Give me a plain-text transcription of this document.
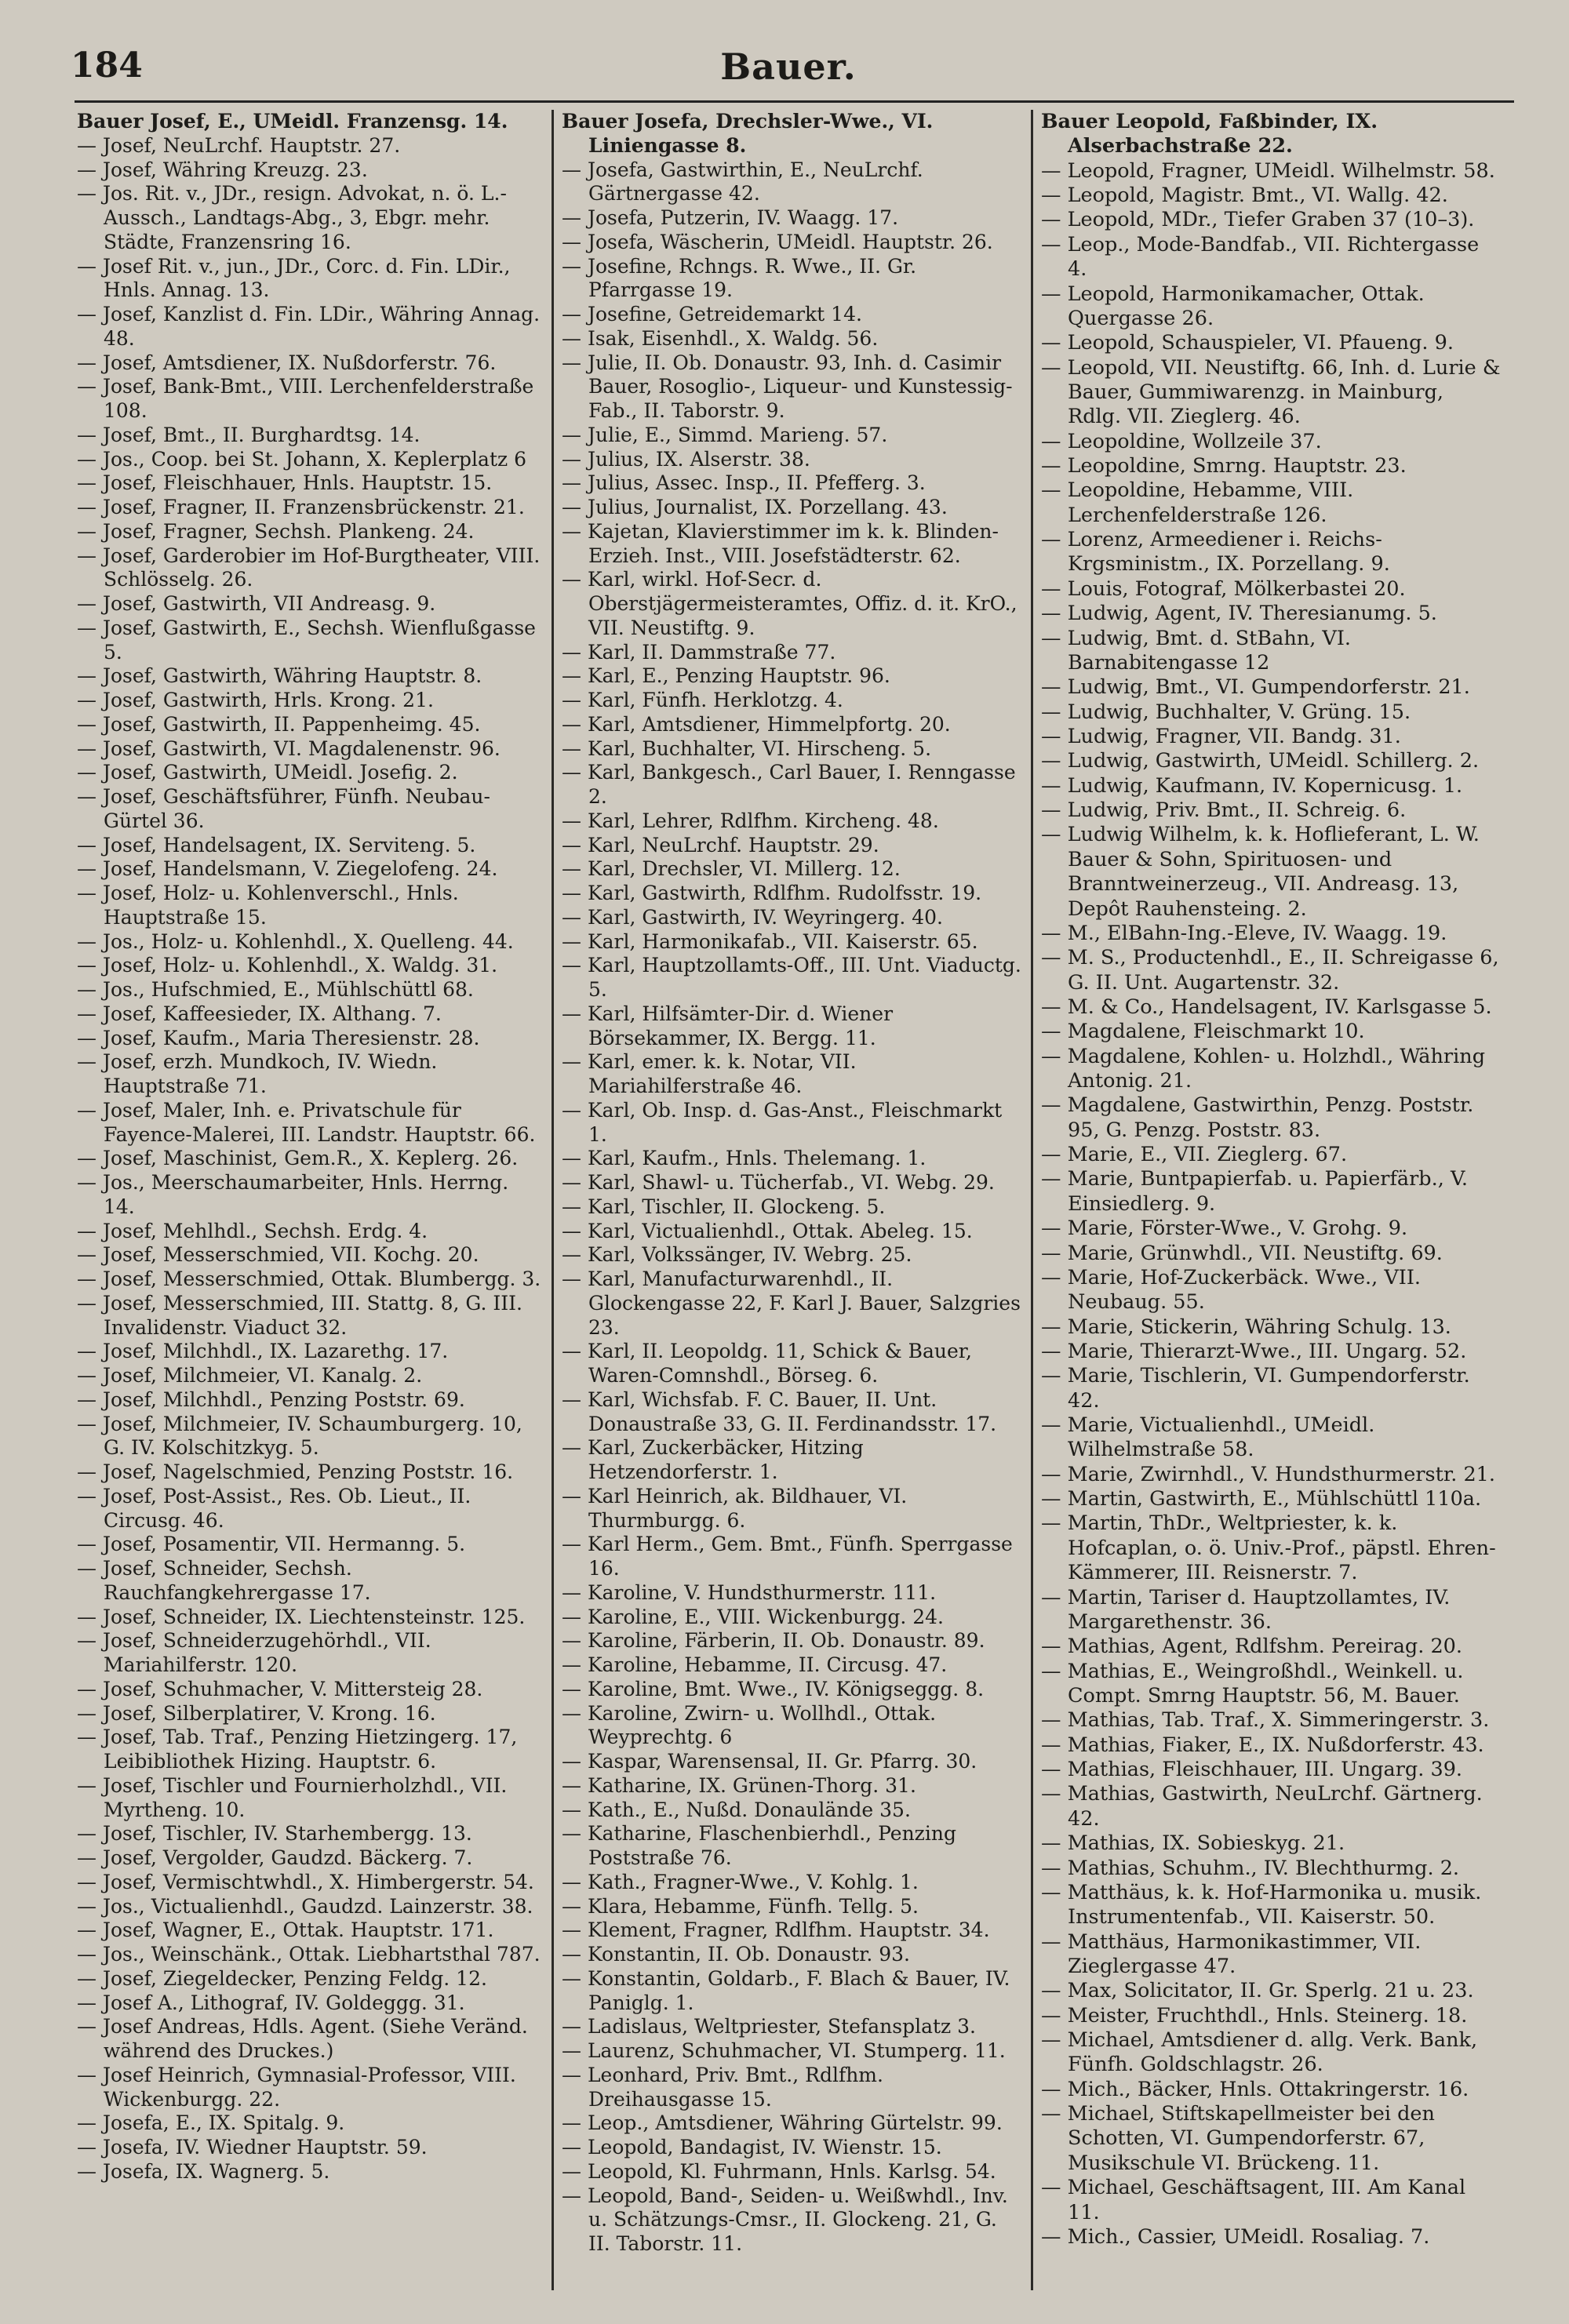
184	Bauer.
Bauer Josef, E., UMeidl. Franzensg. 14.
— Josef, NeuLrchf. Hauptstr. 27.
— Josef, Währing Kreuzg. 23.
— Jos. Rit. v., JDr., resign. Advokat, n. ö. L.-Aussch., Landtags-Abg., 3, Ebgr. mehr. Städte, Franzensring 16.
— Josef Rit. v., jun., JDr., Corc. d. Fin. LDir., Hnls. Annag. 13.
— Josef, Kanzlist d. Fin. LDir., Währing Annag. 48.
— Josef, Amtsdiener, IX. Nußdorferstr. 76.
— Josef, Bank-Bmt., VIII. Lerchenfelderstraße 108.
— Josef, Bmt., II. Burghardtsg. 14.
— Jos., Coop. bei St. Johann, X. Keplerplatz 6
— Josef, Fleischhauer, Hnls. Hauptstr. 15.
— Josef, Fragner, II. Franzensbrückenstr. 21.
— Josef, Fragner, Sechsh. Plankeng. 24.
— Josef, Garderobier im Hof-Burgtheater, VIII. Schlösselg. 26.
— Josef, Gastwirth, VII Andreasg. 9.
— Josef, Gastwirth, E., Sechsh. Wienflußgasse 5.
— Josef, Gastwirth, Währing Hauptstr. 8.
— Josef, Gastwirth, Hrls. Krong. 21.
— Josef, Gastwirth, II. Pappenheimg. 45.
— Josef, Gastwirth, VI. Magdalenenstr. 96.
— Josef, Gastwirth, UMeidl. Josefig. 2.
— Josef, Geschäftsführer, Fünfh. Neubau-Gürtel 36.
— Josef, Handelsagent, IX. Serviteng. 5.
— Josef, Handelsmann, V. Ziegelofeng. 24.
— Josef, Holz- u. Kohlenverschl., Hnls. Hauptstraße 15.
— Jos., Holz- u. Kohlenhdl., X. Quelleng. 44.
— Josef, Holz- u. Kohlenhdl., X. Waldg. 31.
— Jos., Hufschmied, E., Mühlschüttl 68.
— Josef, Kaffeesieder, IX. Althang. 7.
— Josef, Kaufm., Maria Theresienstr. 28.
— Josef, erzh. Mundkoch, IV. Wiedn. Hauptstraße 71.
— Josef, Maler, Inh. e. Privatschule für Fayence-Malerei, III. Landstr. Hauptstr. 66.
— Josef, Maschinist, Gem.R., X. Keplerg. 26.
— Jos., Meerschaumarbeiter, Hnls. Herrng. 14.
— Josef, Mehlhdl., Sechsh. Erdg. 4.
— Josef, Messerschmied, VII. Kochg. 20.
— Josef, Messerschmied, Ottak. Blumbergg. 3.
— Josef, Messerschmied, III. Stattg. 8, G. III. Invalidenstr. Viaduct 32.
— Josef, Milchhdl., IX. Lazarethg. 17.
— Josef, Milchmeier, VI. Kanalg. 2.
— Josef, Milchhdl., Penzing Poststr. 69.
— Josef, Milchmeier, IV. Schaumburgerg. 10, G. IV. Kolschitzkyg. 5.
— Josef, Nagelschmied, Penzing Poststr. 16.
— Josef, Post-Assist., Res. Ob. Lieut., II. Circusg. 46.
— Josef, Posamentir, VII. Hermanng. 5.
— Josef, Schneider, Sechsh. Rauchfangkehrergasse 17.
— Josef, Schneider, IX. Liechtensteinstr. 125.
— Josef, Schneiderzugehörhdl., VII. Mariahilferstr. 120.
— Josef, Schuhmacher, V. Mittersteig 28.
— Josef, Silberplatirer, V. Krong. 16.
— Josef, Tab. Traf., Penzing Hietzingerg. 17, Leibibliothek Hizing. Hauptstr. 6.
— Josef, Tischler und Fournierholzhdl., VII. Myrtheng. 10.
— Josef, Tischler, IV. Starhembergg. 13.
— Josef, Vergolder, Gaudzd. Bäckerg. 7.
— Josef, Vermischtwhdl., X. Himbergerstr. 54.
— Jos., Victualienhdl., Gaudzd. Lainzerstr. 38.
— Josef, Wagner, E., Ottak. Hauptstr. 171.
— Jos., Weinschänk., Ottak. Liebhartsthal 787.
— Josef, Ziegeldecker, Penzing Feldg. 12.
— Josef A., Lithograf, IV. Goldeggg. 31.
— Josef Andreas, Hdls. Agent. (Siehe Veränd. während des Druckes.)
— Josef Heinrich, Gymnasial-Professor, VIII. Wickenburgg. 22.
— Josefa, E., IX. Spitalg. 9.
— Josefa, IV. Wiedner Hauptstr. 59.
— Josefa, IX. Wagnerg. 5.
Bauer Josefa, Drechsler-Wwe., VI. Liniengasse 8.
— Josefa, Gastwirthin, E., NeuLrchf. Gärtnergasse 42.
— Josefa, Putzerin, IV. Waagg. 17.
— Josefa, Wäscherin, UMeidl. Hauptstr. 26.
— Josefine, Rchngs. R. Wwe., II. Gr. Pfarrgasse 19.
— Josefine, Getreidemarkt 14.
— Isak, Eisenhdl., X. Waldg. 56.
— Julie, II. Ob. Donaustr. 93, Inh. d. Casimir Bauer, Rosoglio-, Liqueur- und Kunstessig-Fab., II. Taborstr. 9.
— Julie, E., Simmd. Marieng. 57.
— Julius, IX. Alserstr. 38.
— Julius, Assec. Insp., II. Pfefferg. 3.
— Julius, Journalist, IX. Porzellang. 43.
— Kajetan, Klavierstimmer im k. k. Blinden-Erzieh. Inst., VIII. Josefstädterstr. 62.
— Karl, wirkl. Hof-Secr. d. Oberstjägermeisteramtes, Offiz. d. it. KrO., VII. Neustiftg. 9.
— Karl, II. Dammstraße 77.
— Karl, E., Penzing Hauptstr. 96.
— Karl, Fünfh. Herklotzg. 4.
— Karl, Amtsdiener, Himmelpfortg. 20.
— Karl, Buchhalter, VI. Hirscheng. 5.
— Karl, Bankgesch., Carl Bauer, I. Renngasse 2.
— Karl, Lehrer, Rdlfhm. Kircheng. 48.
— Karl, NeuLrchf. Hauptstr. 29.
— Karl, Drechsler, VI. Millerg. 12.
— Karl, Gastwirth, Rdlfhm. Rudolfsstr. 19.
— Karl, Gastwirth, IV. Weyringerg. 40.
— Karl, Harmonikafab., VII. Kaiserstr. 65.
— Karl, Hauptzollamts-Off., III. Unt. Viaductg. 5.
— Karl, Hilfsämter-Dir. d. Wiener Börsekammer, IX. Bergg. 11.
— Karl, emer. k. k. Notar, VII. Mariahilferstraße 46.
— Karl, Ob. Insp. d. Gas-Anst., Fleischmarkt 1.
— Karl, Kaufm., Hnls. Thelemang. 1.
— Karl, Shawl- u. Tücherfab., VI. Webg. 29.
— Karl, Tischler, II. Glockeng. 5.
— Karl, Victualienhdl., Ottak. Abeleg. 15.
— Karl, Volkssänger, IV. Webrg. 25.
— Karl, Manufacturwarenhdl., II. Glockengasse 22, F. Karl J. Bauer, Salzgries 23.
— Karl, II. Leopoldg. 11, Schick & Bauer, Waren-Comnshdl., Börseg. 6.
— Karl, Wichsfab. F. C. Bauer, II. Unt. Donaustraße 33, G. II. Ferdinandsstr. 17.
— Karl, Zuckerbäcker, Hitzing Hetzendorferstr. 1.
— Karl Heinrich, ak. Bildhauer, VI. Thurmburgg. 6.
— Karl Herm., Gem. Bmt., Fünfh. Sperrgasse 16.
— Karoline, V. Hundsthurmerstr. 111.
— Karoline, E., VIII. Wickenburgg. 24.
— Karoline, Färberin, II. Ob. Donaustr. 89.
— Karoline, Hebamme, II. Circusg. 47.
— Karoline, Bmt. Wwe., IV. Königseggg. 8.
— Karoline, Zwirn- u. Wollhdl., Ottak. Weyprechtg. 6
— Kaspar, Warensensal, II. Gr. Pfarrg. 30.
— Katharine, IX. Grünen-Thorg. 31.
— Kath., E., Nußd. Donaulände 35.
— Katharine, Flaschenbierhdl., Penzing Poststraße 76.
— Kath., Fragner-Wwe., V. Kohlg. 1.
— Klara, Hebamme, Fünfh. Tellg. 5.
— Klement, Fragner, Rdlfhm. Hauptstr. 34.
— Konstantin, II. Ob. Donaustr. 93.
— Konstantin, Goldarb., F. Blach & Bauer, IV. Paniglg. 1.
— Ladislaus, Weltpriester, Stefansplatz 3.
— Laurenz, Schuhmacher, VI. Stumperg. 11.
— Leonhard, Priv. Bmt., Rdlfhm. Dreihausgasse 15.
— Leop., Amtsdiener, Währing Gürtelstr. 99.
— Leopold, Bandagist, IV. Wienstr. 15.
— Leopold, Kl. Fuhrmann, Hnls. Karlsg. 54.
— Leopold, Band-, Seiden- u. Weißwhdl., Inv. u. Schätzungs-Cmsr., II. Glockeng. 21, G. II. Taborstr. 11.
Bauer Leopold, Faßbinder, IX. Alserbachstraße 22.
— Leopold, Fragner, UMeidl. Wilhelmstr. 58.
— Leopold, Magistr. Bmt., VI. Wallg. 42.
— Leopold, MDr., Tiefer Graben 37 (10–3).
— Leop., Mode-Bandfab., VII. Richtergasse 4.
— Leopold, Harmonikamacher, Ottak. Quergasse 26.
— Leopold, Schauspieler, VI. Pfaueng. 9.
— Leopold, VII. Neustiftg. 66, Inh. d. Lurie & Bauer, Gummiwarenzg. in Mainburg, Rdlg. VII. Zieglerg. 46.
— Leopoldine, Wollzeile 37.
— Leopoldine, Smrng. Hauptstr. 23.
— Leopoldine, Hebamme, VIII. Lerchenfelderstraße 126.
— Lorenz, Armeediener i. Reichs-Krgsministm., IX. Porzellang. 9.
— Louis, Fotograf, Mölkerbastei 20.
— Ludwig, Agent, IV. Theresianumg. 5.
— Ludwig, Bmt. d. StBahn, VI. Barnabitengasse 12
— Ludwig, Bmt., VI. Gumpendorferstr. 21.
— Ludwig, Buchhalter, V. Grüng. 15.
— Ludwig, Fragner, VII. Bandg. 31.
— Ludwig, Gastwirth, UMeidl. Schillerg. 2.
— Ludwig, Kaufmann, IV. Kopernicusg. 1.
— Ludwig, Priv. Bmt., II. Schreig. 6.
— Ludwig Wilhelm, k. k. Hoflieferant, L. W. Bauer & Sohn, Spirituosen- und Branntweinerzeug., VII. Andreasg. 13, Depôt Rauhensteing. 2.
— M., ElBahn-Ing.-Eleve, IV. Waagg. 19.
— M. S., Productenhdl., E., II. Schreigasse 6, G. II. Unt. Augartenstr. 32.
— M. & Co., Handelsagent, IV. Karlsgasse 5.
— Magdalene, Fleischmarkt 10.
— Magdalene, Kohlen- u. Holzhdl., Währing Antonig. 21.
— Magdalene, Gastwirthin, Penzg. Poststr. 95, G. Penzg. Poststr. 83.
— Marie, E., VII. Zieglerg. 67.
— Marie, Buntpapierfab. u. Papierfärb., V. Einsiedlerg. 9.
— Marie, Förster-Wwe., V. Grohg. 9.
— Marie, Grünwhdl., VII. Neustiftg. 69.
— Marie, Hof-Zuckerbäck. Wwe., VII. Neubaug. 55.
— Marie, Stickerin, Währing Schulg. 13.
— Marie, Thierarzt-Wwe., III. Ungarg. 52.
— Marie, Tischlerin, VI. Gumpendorferstr. 42.
— Marie, Victualienhdl., UMeidl. Wilhelmstraße 58.
— Marie, Zwirnhdl., V. Hundsthurmerstr. 21.
— Martin, Gastwirth, E., Mühlschüttl 110a.
— Martin, ThDr., Weltpriester, k. k. Hofcaplan, o. ö. Univ.-Prof., päpstl. Ehren-Kämmerer, III. Reisnerstr. 7.
— Martin, Tariser d. Hauptzollamtes, IV. Margarethenstr. 36.
— Mathias, Agent, Rdlfshm. Pereirag. 20.
— Mathias, E., Weingroßhdl., Weinkell. u. Compt. Smrng Hauptstr. 56, M. Bauer.
— Mathias, Tab. Traf., X. Simmeringerstr. 3.
— Mathias, Fiaker, E., IX. Nußdorferstr. 43.
— Mathias, Fleischhauer, III. Ungarg. 39.
— Mathias, Gastwirth, NeuLrchf. Gärtnerg. 42.
— Mathias, IX. Sobieskyg. 21.
— Mathias, Schuhm., IV. Blechthurmg. 2.
— Matthäus, k. k. Hof-Harmonika u. musik. Instrumentenfab., VII. Kaiserstr. 50.
— Matthäus, Harmonikastimmer, VII. Zieglergasse 47.
— Max, Solicitator, II. Gr. Sperlg. 21 u. 23.
— Meister, Fruchthdl., Hnls. Steinerg. 18.
— Michael, Amtsdiener d. allg. Verk. Bank, Fünfh. Goldschlagstr. 26.
— Mich., Bäcker, Hnls. Ottakringerstr. 16.
— Michael, Stiftskapellmeister bei den Schotten, VI. Gumpendorferstr. 67, Musikschule VI. Brückeng. 11.
— Michael, Geschäftsagent, III. Am Kanal 11.
— Mich., Cassier, UMeidl. Rosaliag. 7.
